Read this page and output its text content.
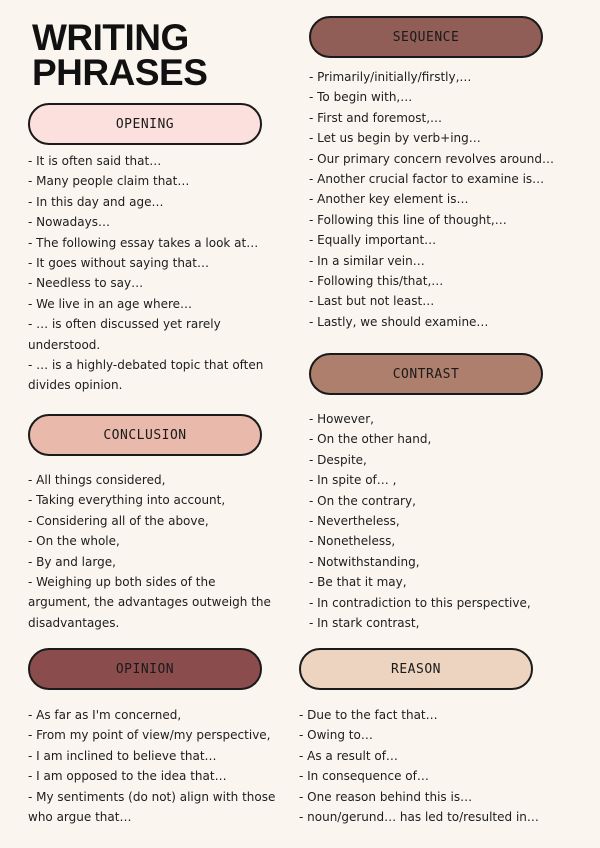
WRITING
PHRASES
OPENING
- It is often said that…
- Many people claim that…
- In this day and age…
- Nowadays…
- The following essay takes a look at…
- It goes without saying that…
- Needless to say…
- We live in an age where…
- … is often discussed yet rarely understood.
- … is a highly-debated topic that often divides opinion.
CONCLUSION
- All things considered,
- Taking everything into account,
- Considering all of the above,
- On the whole,
- By and large,
- Weighing up both sides of the argument, the advantages outweigh the disadvantages.
OPINION
- As far as I'm concerned,
- From my point of view/my perspective,
- I am inclined to believe that…
- I am opposed to the idea that…
- My sentiments (do not) align with those who argue that…
SEQUENCE
- Primarily/initially/firstly,…
- To begin with,…
- First and foremost,…
- Let us begin by verb+ing…
- Our primary concern revolves around…
- Another crucial factor to examine is…
- Another key element is…
- Following this line of thought,…
- Equally important…
- In a similar vein…
- Following this/that,…
- Last but not least…
- Lastly, we should examine…
CONTRAST
- However,
- On the other hand,
- Despite,
- In spite of… ,
- On the contrary,
- Nevertheless,
- Nonetheless,
- Notwithstanding,
- Be that it may,
- In contradiction to this perspective,
- In stark contrast,
REASON
- Due to the fact that…
- Owing to…
- As a result of…
- In consequence of…
- One reason behind this is…
- noun/gerund… has led to/resulted in…
